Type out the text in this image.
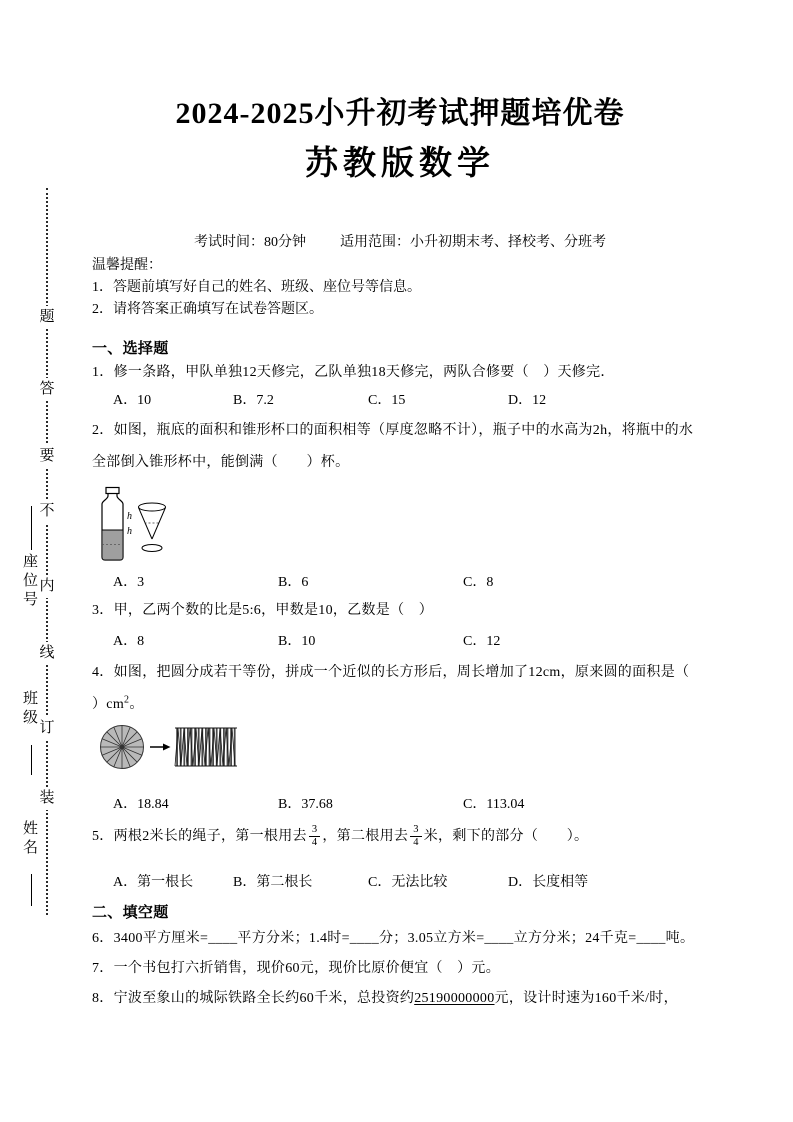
题
答
要
不
内
线
订
装
座位号
班级
姓名
2024-2025小升初考试押题培优卷
苏教版数学
考试时间：80分钟 适用范围：小升初期末考、择校考、分班考
温馨提醒：
1．答题前填写好自己的姓名、班级、座位号等信息。
2．请将答案正确填写在试卷答题区。
一、选择题
1．修一条路，甲队单独12天修完，乙队单独18天修完，两队合修要（　）天修完．
A．10	B．7.2	C．15	D．12
2．如图，瓶底的面积和锥形杯口的面积相等（厚度忽略不计），瓶子中的水高为2h，将瓶中的水
全部倒入锥形杯中，能倒满（　　）杯。
h
h
A．3	B．6	C．8
3．甲，乙两个数的比是5:6，甲数是10，乙数是（　）
A．8	B．10	C．12
4．如图，把圆分成若干等份，拼成一个近似的长方形后，周长增加了12cm，原来圆的面积是（
）$cm^2$。
A．18.84	B．37.68	C．113.04
5．两根2米长的绳子，第一根用去 $\frac{3}{4}$ ，第二根用去 $\frac{3}{4}$ 米，剩下的部分（　　）。
A．第一根长	B．第二根长	C．无法比较	D．长度相等
二、填空题
6．3400平方厘米=____平方分米；1.4时=____分；3.05立方米=____立方分米；24千克=____吨。
7．一个书包打六折销售，现价60元，现价比原价便宜（　）元。
8．宁波至象山的城际铁路全长约60千米，总投资约25190000000元，设计时速为160千米/时，
